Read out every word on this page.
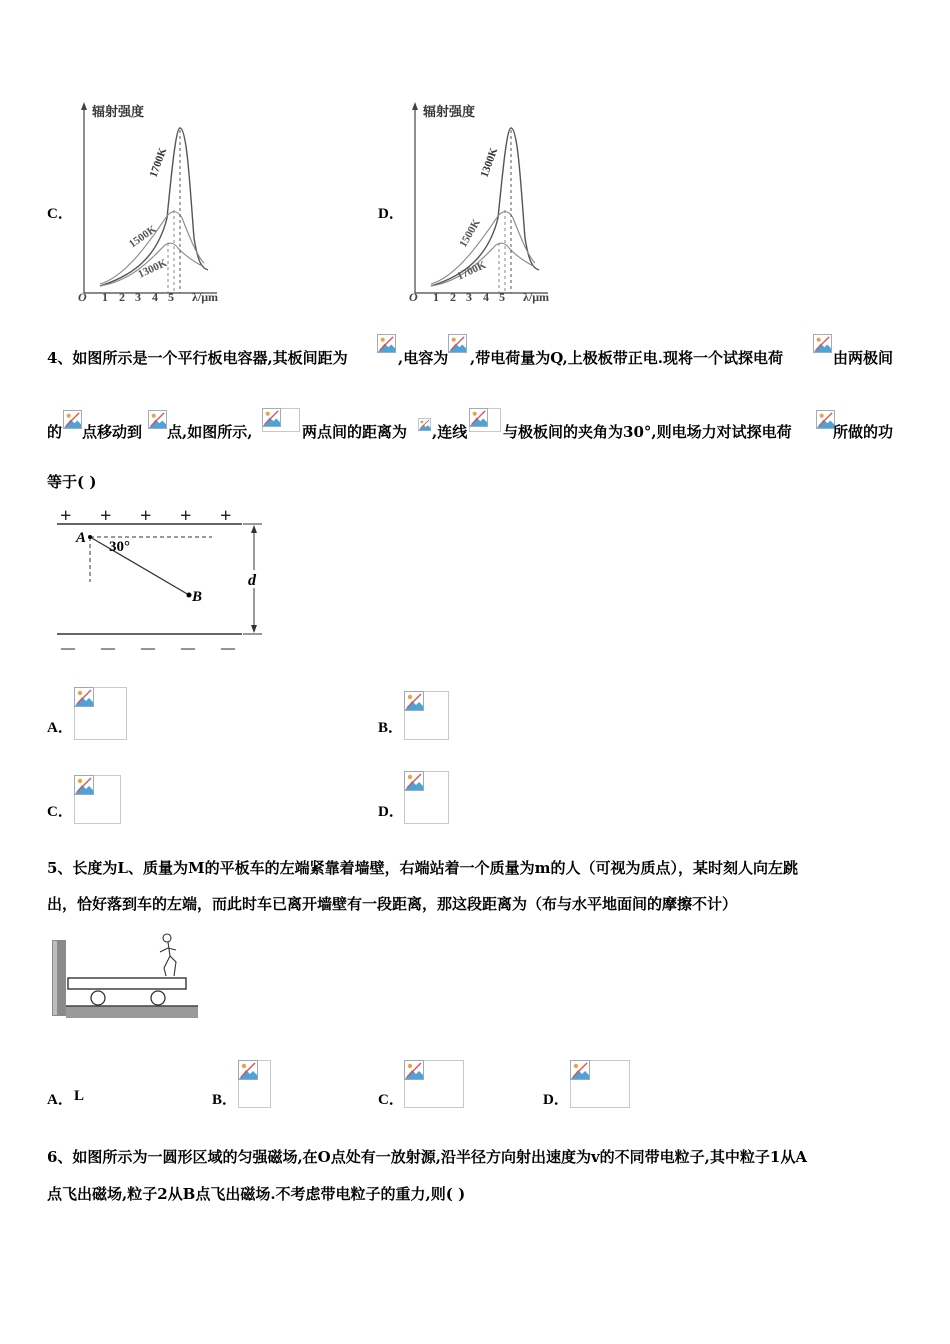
C．
辐射强度
O 1 2 3 4 5 λ/μm
1700K
1500K
1300K
D．
辐射强度
O 1 2 3 4 5 λ/μm
1300K
1500K
1700K
4、如图所示是一个平行板电容器,其板间距为	,电容为 ,带电荷量为Q,上极板带正电.现将一个试探电荷	由两极间
的 点移动到 点,如图所示,	两点间的距离为 ,连线 与极板间的夹角为30°,则电场力对试探电荷	所做的功
等于( )
+ + + + +
— — — — —
A
B
30°
d
A．	B．
C．	D．
5、长度为L、质量为M的平板车的左端紧靠着墙壁，右端站着一个质量为m的人（可视为质点），某时刻人向左跳
出，恰好落到车的左端，而此时车已离开墙壁有一段距离，那这段距离为（布与水平地面间的摩擦不计）
A． L	B．	C．	D．
6、如图所示为一圆形区域的匀强磁场,在O点处有一放射源,沿半径方向射出速度为v的不同带电粒子,其中粒子1从A
点飞出磁场,粒子2从B点飞出磁场.不考虑带电粒子的重力,则( )
